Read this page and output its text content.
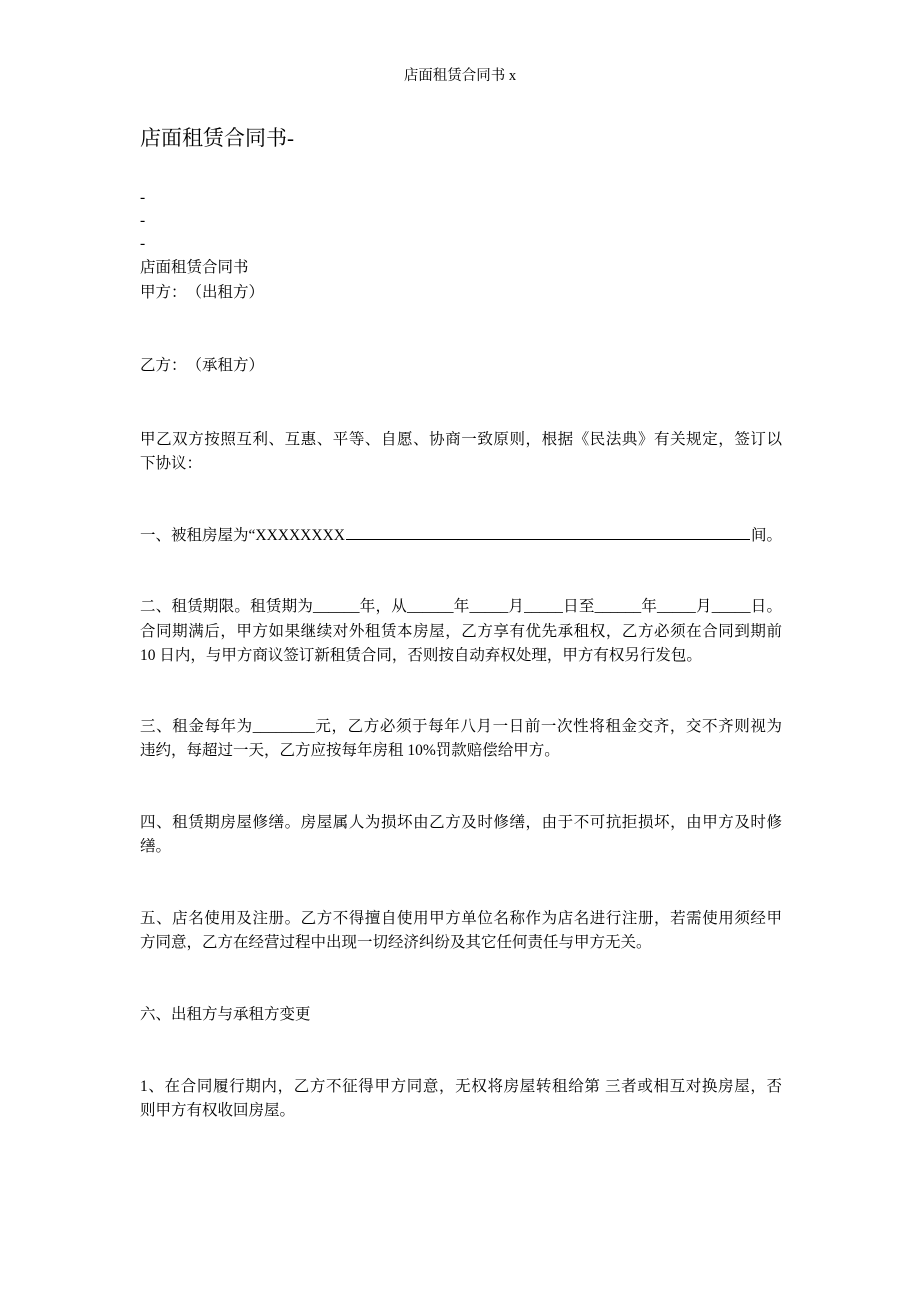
店面租赁合同书 x
店面租赁合同书-
-
-
-
店面租赁合同书
甲方：　（出租方）
乙方：　（承租方）
甲乙双方按照互利、互惠、平等、自愿、协商一致原则，根据《民法典》有关规定，签订以
下协议：
一、被租房屋为“XXXXXXXX	间。
二、租赁期限。租赁期为______年，从______年_____月_____日至______年_____月_____日。
合同期满后，甲方如果继续对外租赁本房屋，乙方享有优先承租权，乙方必须在合同到期前
10 日内，与甲方商议签订新租赁合同，否则按自动弃权处理，甲方有权另行发包。
三、租金每年为________元，乙方必须于每年八月一日前一次性将租金交齐，交不齐则视为
违约，每超过一天，乙方应按每年房租 10%罚款赔偿给甲方。
四、租赁期房屋修缮。房屋属人为损坏由乙方及时修缮，由于不可抗拒损坏，由甲方及时修
缮。
五、店名使用及注册。乙方不得擅自使用甲方单位名称作为店名进行注册，若需使用须经甲
方同意，乙方在经营过程中出现一切经济纠纷及其它任何责任与甲方无关。
六、出租方与承租方变更
1、在合同履行期内，乙方不征得甲方同意，无权将房屋转租给第 三者或相互对换房屋，否
则甲方有权收回房屋。
